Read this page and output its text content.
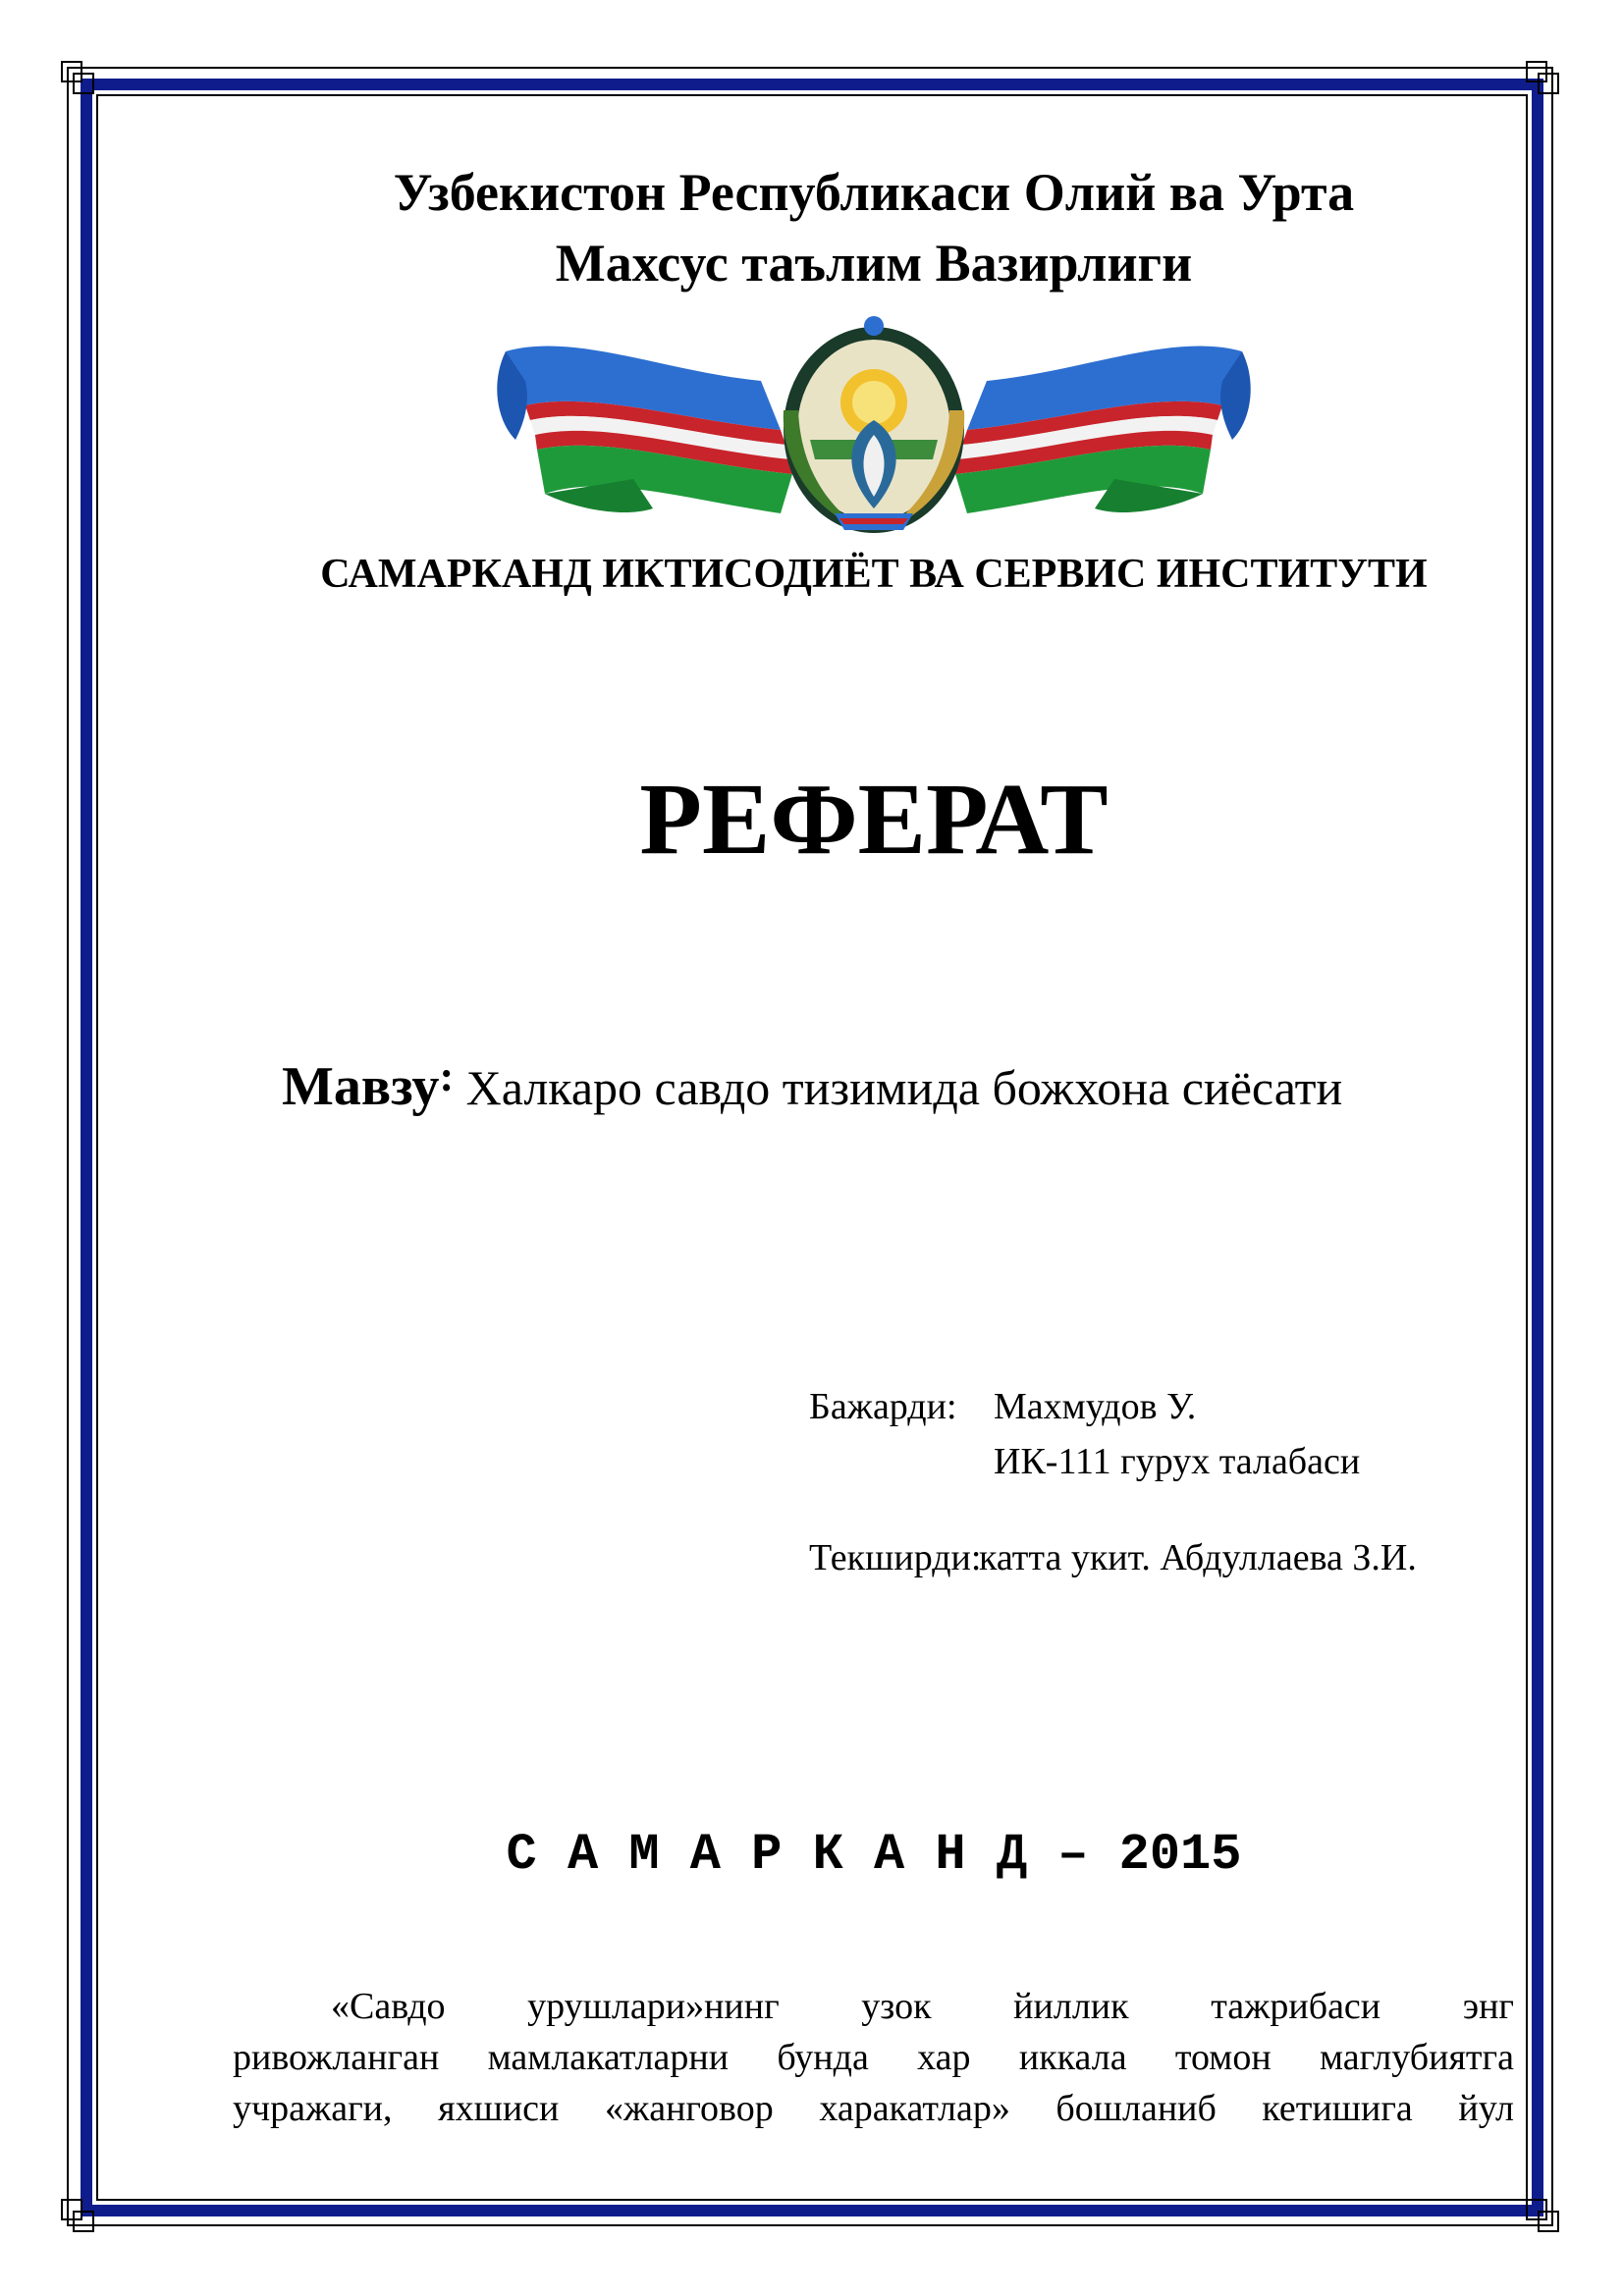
Узбекистон Республикаси Олий ва Урта
Махсус таълим Вазирлиги
САМАРКАНД ИКТИСОДИЁТ ВА СЕРВИС ИНСТИТУТИ
РЕФЕРАТ
Мавзу: Халкаро савдо тизимида божхона сиёсати
Бажарди: Махмудов У.
ИК-111 гурух талабаси
Текширди:
катта укит. Абдуллаева З.И.
С А М А Р К А Н Д – 2015
«Савдо урушлари»нинг узок йиллик тажрибаси энг
ривожланган мамлакатларни бунда хар иккала томон маглубиятга
учражаги, яхшиси «жанговор харакатлар» бошланиб кетишига йул
